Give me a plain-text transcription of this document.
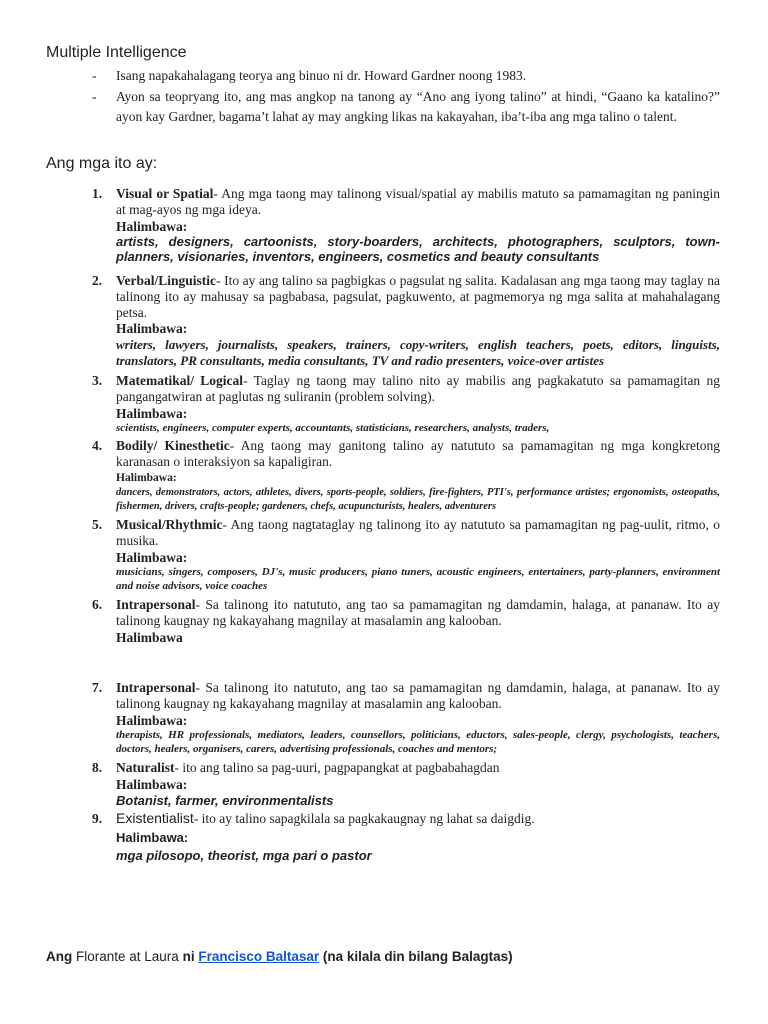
Multiple Intelligence
- Isang napakahalagang teorya ang binuo ni dr. Howard Gardner noong 1983.
- Ayon sa teopryang ito, ang mas angkop na tanong ay “Ano ang iyong talino” at hindi, “Gaano ka katalino?” ayon kay Gardner, bagama’t lahat ay may angking likas na kakayahan, iba’t-iba ang mga talino o talent.
Ang mga ito ay:
1.	Visual or Spatial- Ang mga taong may talinong visual/spatial ay mabilis matuto sa pamamagitan ng paningin at mag-ayos ng mga ideya.

Halimbawa:
artists, designers, cartoonists, story-boarders, architects, photographers, sculptors, town-planners, visionaries, inventors, engineers, cosmetics and beauty consultants
2.	Verbal/Linguistic- Ito ay ang talino sa pagbigkas o pagsulat ng salita. Kadalasan ang mga taong may taglay na talinong ito ay mahusay sa pagbabasa, pagsulat, pagkuwento, at pagmemorya ng mga salita at mahahalagang petsa.

Halimbawa:
writers, lawyers, journalists, speakers, trainers, copy-writers, english teachers, poets, editors, linguists, translators, PR consultants, media consultants, TV and radio presenters, voice-over artistes
3.	Matematikal/ Logical- Taglay ng taong may talino nito ay mabilis ang pagkakatuto sa pamamagitan ng pangangatwiran at paglutas ng suliranin (problem solving).

Halimbawa:
scientists, engineers, computer experts, accountants, statisticians, researchers, analysts, traders,
4.	Bodily/ Kinesthetic- Ang taong may ganitong talino ay natututo sa pamamagitan ng mga kongkretong karanasan o interaksiyon sa kapaligiran.

Halimbawa:
dancers, demonstrators, actors, athletes, divers, sports-people, soldiers, fire-fighters, PTI's, performance artistes; ergonomists, osteopaths, fishermen, drivers, crafts-people; gardeners, chefs, acupuncturists, healers, adventurers
5.	Musical/Rhythmic- Ang taong nagtataglay ng talinong ito ay natututo sa pamamagitan ng pag-uulit, ritmo, o musika.

Halimbawa:
musicians, singers, composers, DJ's, music producers, piano tuners, acoustic engineers, entertainers, party-planners, environment and noise advisors, voice coaches
6.	Intrapersonal- Sa talinong ito natututo, ang tao sa pamamagitan ng damdamin, halaga, at pananaw. Ito ay talinong kaugnay ng kakayahang magnilay at masalamin ang kalooban.

Halimbawa
7.	Intrapersonal- Sa talinong ito natututo, ang tao sa pamamagitan ng damdamin, halaga, at pananaw. Ito ay talinong kaugnay ng kakayahang magnilay at masalamin ang kalooban.

Halimbawa:
therapists, HR professionals, mediators, leaders, counsellors, politicians, eductors, sales-people, clergy, psychologists, teachers, doctors, healers, organisers, carers, advertising professionals, coaches and mentors;
8.	Naturalist- ito ang talino sa pag-uuri, pagpapangkat at pagbabahagdan

Halimbawa:
Botanist, farmer, environmentalists
9. Existentialist- ito ay talino sapagkilala sa pagkakaugnay ng lahat sa daigdig.

Halimbawa:
mga pilosopo, theorist, mga pari o pastor
Ang Florante at Laura ni Francisco Baltasar (na kilala din bilang Balagtas)
